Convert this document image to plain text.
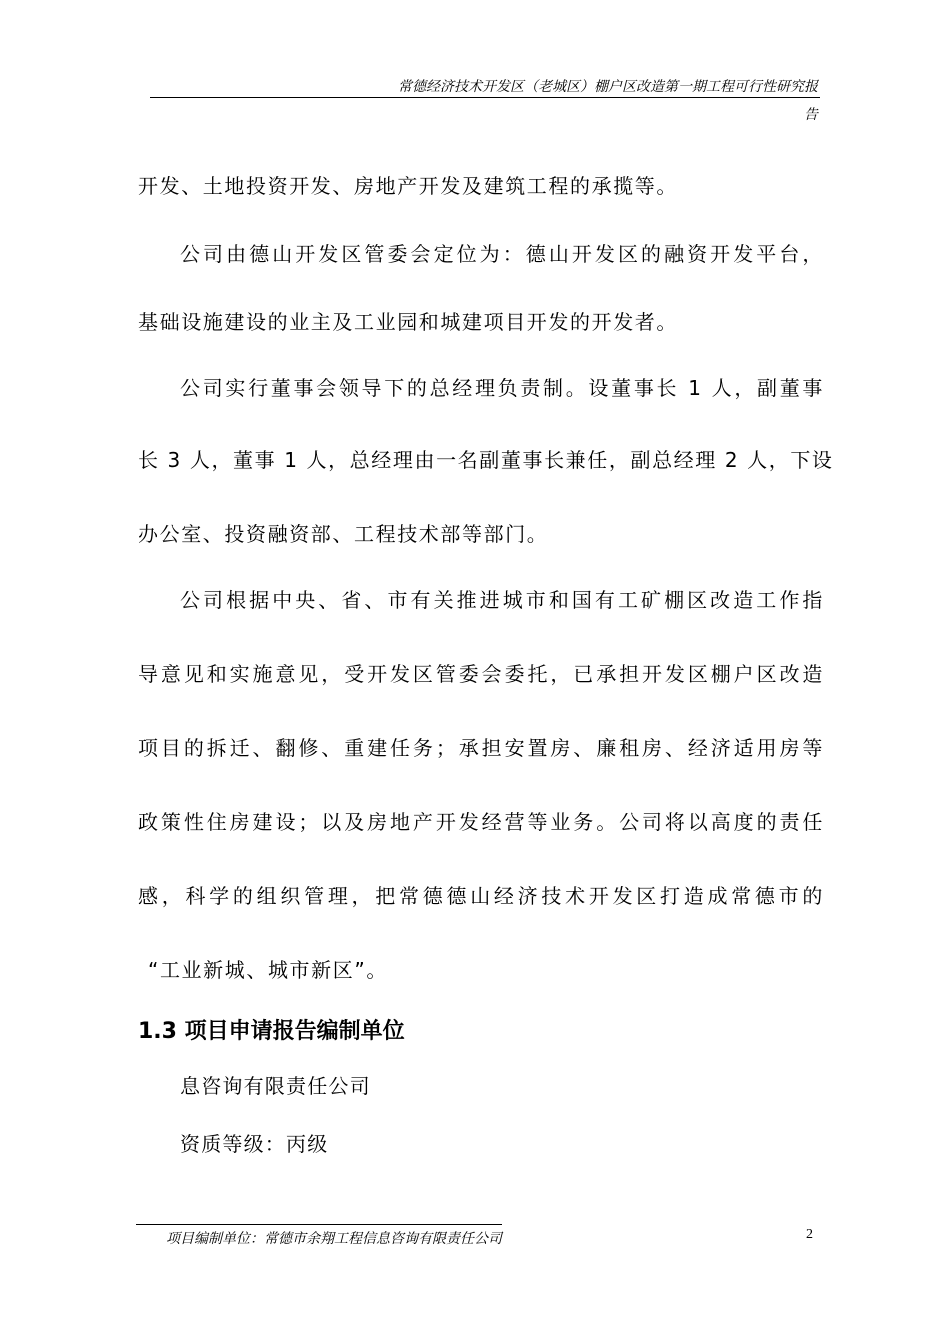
常德经济技术开发区（老城区）棚户区改造第一期工程可行性研究报
告
开发、土地投资开发、房地产开发及建筑工程的承揽等。
公司由德山开发区管委会定位为：德山开发区的融资开发平台，
基础设施建设的业主及工业园和城建项目开发的开发者。
公司实行董事会领导下的总经理负责制。设董事长 1 人，副董事
长 3 人，董事 1 人，总经理由一名副董事长兼任，副总经理 2 人，下设
办公室、投资融资部、工程技术部等部门。
公司根据中央、省、市有关推进城市和国有工矿棚区改造工作指
导意见和实施意见，受开发区管委会委托，已承担开发区棚户区改造
项目的拆迁、翻修、重建任务；承担安置房、廉租房、经济适用房等
政策性住房建设；以及房地产开发经营等业务。公司将以高度的责任
感，科学的组织管理，把常德德山经济技术开发区打造成常德市的
“工业新城、城市新区”。
1.3 项目申请报告编制单位
息咨询有限责任公司
资质等级：丙级
项目编制单位：常德市余翔工程信息咨询有限责任公司	2
